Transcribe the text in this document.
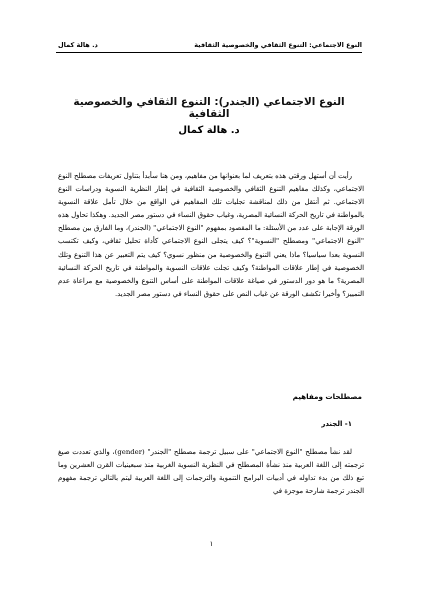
النوع الاجتماعي: التنوع الثقافي والخصوصية الثقافية
د. هالة كمال
النوع الاجتماعي (الجندر): التنوع الثقافي والخصوصية الثقافية
د. هالة كمال

رأيت أن أستهل ورقتي هذه بتعريف لما بعنوانها من مفاهيم، ومن هنا سأبدأ بتناول تعريفات مصطلح النوع الاجتماعي، وكذلك مفاهيم التنوع الثقافي والخصوصية الثقافية في إطار النظرية النسوية ودراسات النوع الاجتماعي. ثم أنتقل من ذلك لمناقشة تجليات تلك المفاهيم في الواقع من خلال تأمل علاقة النسوية بالمواطنة في تاريخ الحركة النسائية المصرية، وغياب حقوق النساء في دستور مصر الجديد. وهكذا تحاول هذه الورقة الإجابة على عدد من الأسئلة: ما المقصود بمفهوم "النوع الاجتماعي" (الجندر)، وما الفارق بين مصطلح "النوع الاجتماعي" ومصطلح "النسوية"؟ كيف يتجلى النوع الاجتماعي كأداة تحليل ثقافي، وكيف تكتسب النسوية بعدا سياسيا؟ ماذا يعني التنوع والخصوصية من منظور نسوي؟ كيف يتم التعبير عن هذا التنوع وتلك الخصوصية في إطار علاقات المواطنة؟ وكيف تجلت علاقات النسوية والمواطنة في تاريخ الحركة النسائية المصرية؟ ما هو دور الدستور في صياغة علاقات المواطنة على أساس التنوع والخصوصية مع مراعاة عدم التمييز؟ وأخيرا تكشف الورقة عن غياب النص على حقوق النساء في دستور مصر الجديد.

مصطلحات ومفاهيم
١- الجندر

لقد نشأ مصطلح "النوع الاجتماعي" على سبيل ترجمة مصطلح "الجندر" (gender)، والذي تعددت صيغ ترجمته إلى اللغة العربية منذ نشأة المصطلح في النظرية النسوية الغربية منذ سبعينيات القرن العشرين وما تبع ذلك من بدء تداوله في أدبيات البرامج التنموية والترجمات إلى اللغة العربية ليتم بالتالي ترجمة مفهوم الجندر ترجمة شارحة موجزة في

١
